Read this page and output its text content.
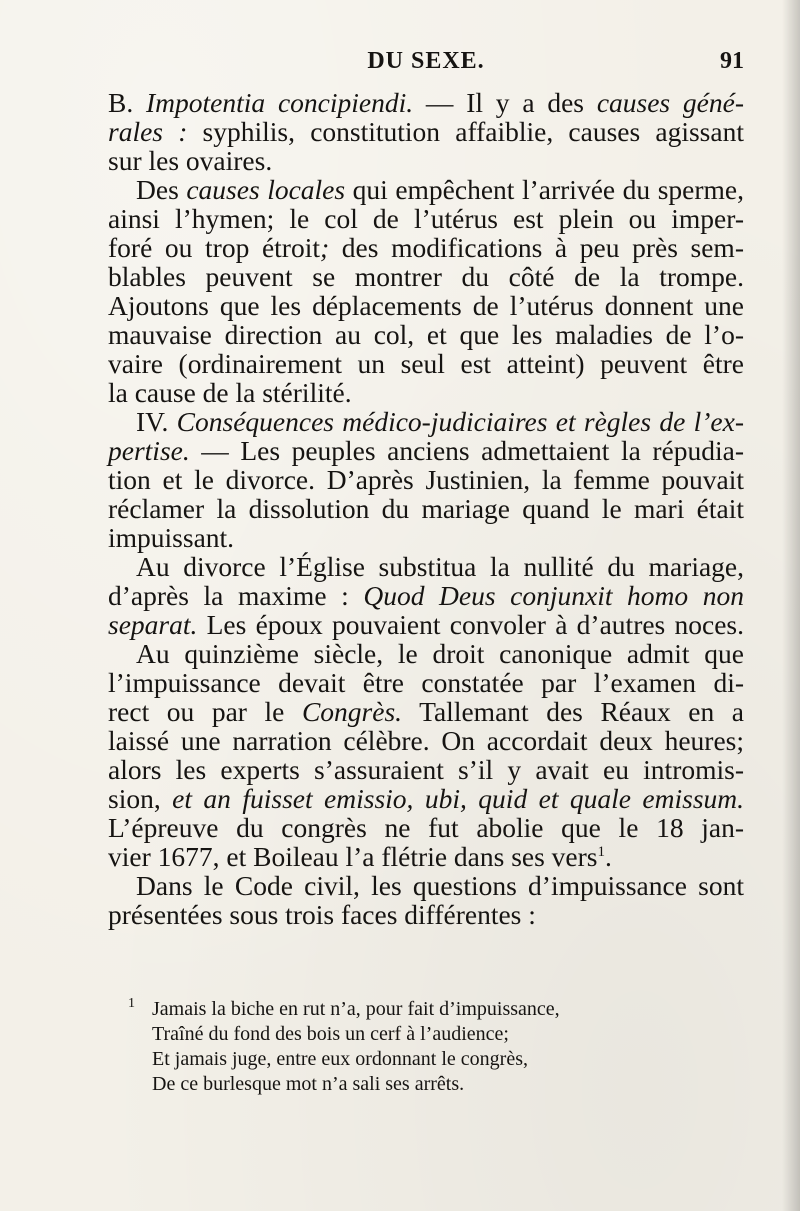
DU SEXE.	91
B. Impotentia concipiendi. — Il y a des causes géné-
rales : syphilis, constitution affaiblie, causes agissant
sur les ovaires.
Des causes locales qui empêchent l’arrivée du sperme,
ainsi l’hymen; le col de l’utérus est plein ou imper-
foré ou trop étroit; des modifications à peu près sem-
blables peuvent se montrer du côté de la trompe.
Ajoutons que les déplacements de l’utérus donnent une
mauvaise direction au col, et que les maladies de l’o-
vaire (ordinairement un seul est atteint) peuvent être
la cause de la stérilité.
IV. Conséquences médico-judiciaires et règles de l’ex-
pertise. — Les peuples anciens admettaient la répudia-
tion et le divorce. D’après Justinien, la femme pouvait
réclamer la dissolution du mariage quand le mari était
impuissant.
Au divorce l’Église substitua la nullité du mariage,
d’après la maxime : Quod Deus conjunxit homo non
separat. Les époux pouvaient convoler à d’autres noces.
Au quinzième siècle, le droit canonique admit que
l’impuissance devait être constatée par l’examen di-
rect ou par le Congrès. Tallemant des Réaux en a
laissé une narration célèbre. On accordait deux heures;
alors les experts s’assuraient s’il y avait eu intromis-
sion, et an fuisset emissio, ubi, quid et quale emissum.
L’épreuve du congrès ne fut abolie que le 18 jan-
vier 1677, et Boileau l’a flétrie dans ses vers$^1$.
Dans le Code civil, les questions d’impuissance sont
présentées sous trois faces différentes :
1 Jamais la biche en rut n’a, pour fait d’impuissance,
Traîné du fond des bois un cerf à l’audience;
Et jamais juge, entre eux ordonnant le congrès,
De ce burlesque mot n’a sali ses arrêts.
